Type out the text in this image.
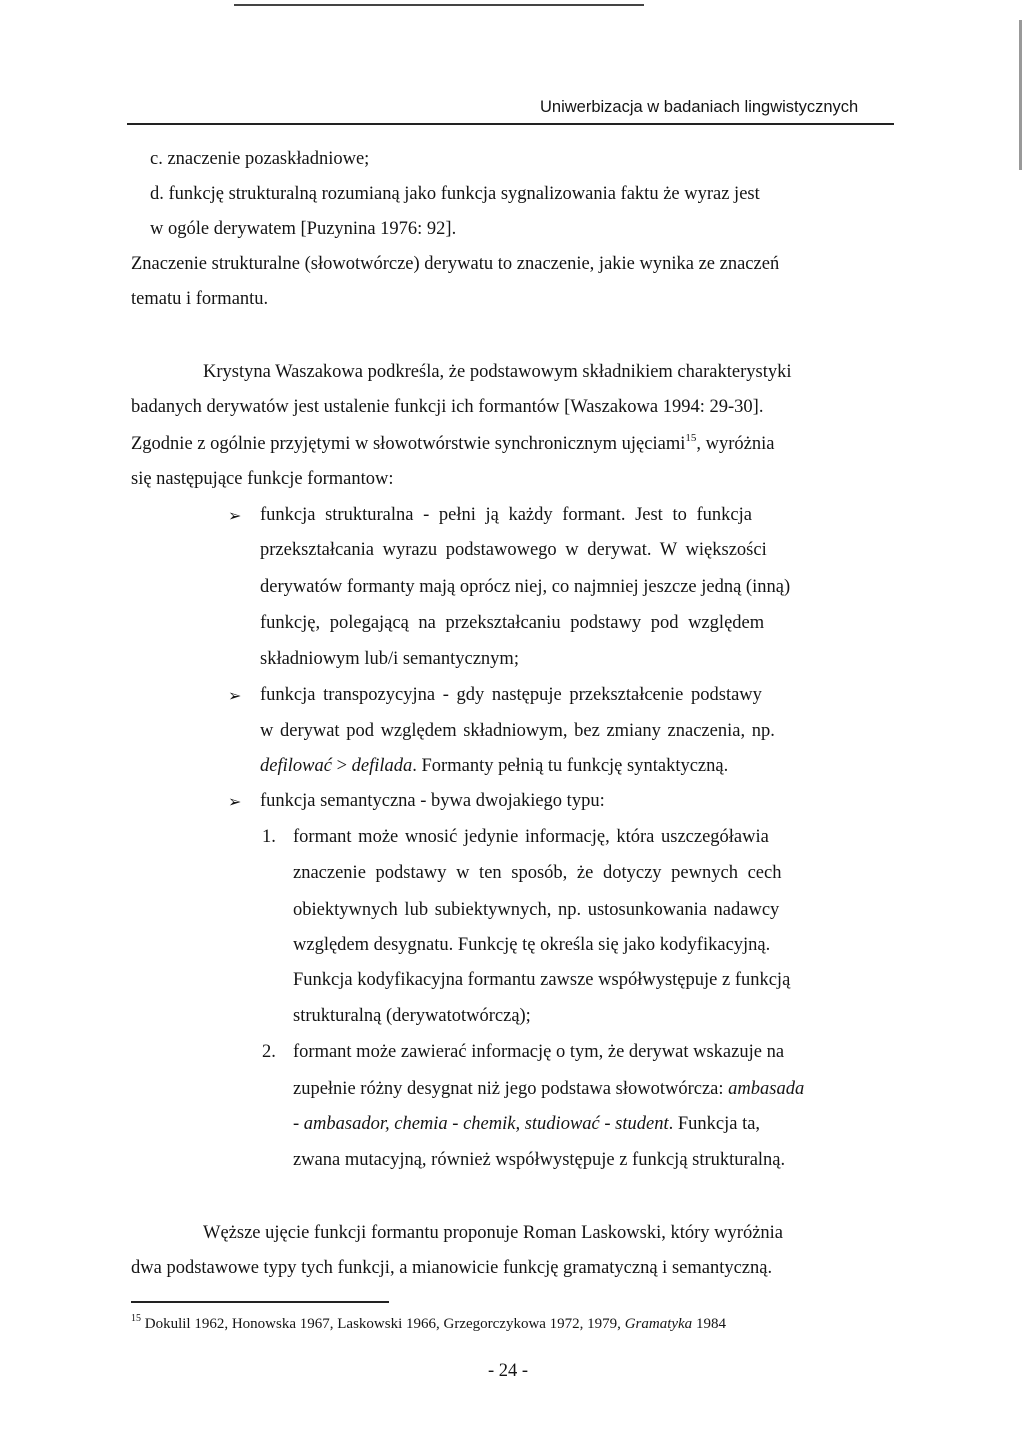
Uniwerbizacja w badaniach lingwistycznych
c. znaczenie pozaskładniowe;
d. funkcję strukturalną rozumianą jako funkcja sygnalizowania faktu że wyraz jest
w ogóle derywatem [Puzynina 1976: 92].
Znaczenie strukturalne (słowotwórcze) derywatu to znaczenie, jakie wynika ze znaczeń
tematu i formantu.
Krystyna Waszakowa podkreśla, że podstawowym składnikiem charakterystyki
badanych derywatów jest ustalenie funkcji ich formantów [Waszakowa 1994: 29-30].
Zgodnie z ogólnie przyjętymi w słowotwórstwie synchronicznym ujęciami$^{15}$, wyróżnia
się następujące funkcje formantow:
➢ funkcja strukturalna - pełni ją każdy formant. Jest to funkcja
przekształcania wyrazu podstawowego w derywat. W większości
derywatów formanty mają oprócz niej, co najmniej jeszcze jedną (inną)
funkcję, polegającą na przekształcaniu podstawy pod względem
składniowym lub/i semantycznym;
➢ funkcja transpozycyjna - gdy następuje przekształcenie podstawy
w derywat pod względem składniowym, bez zmiany znaczenia, np.
defilować > defilada. Formanty pełnią tu funkcję syntaktyczną.
➢ funkcja semantyczna - bywa dwojakiego typu:
1. formant może wnosić jedynie informację, która uszczegóławia
znaczenie podstawy w ten sposób, że dotyczy pewnych cech
obiektywnych lub subiektywnych, np. ustosunkowania nadawcy
względem desygnatu. Funkcję tę określa się jako kodyfikacyjną.
Funkcja kodyfikacyjna formantu zawsze współwystępuje z funkcją
strukturalną (derywatotwórczą);
2. formant może zawierać informację o tym, że derywat wskazuje na
zupełnie różny desygnat niż jego podstawa słowotwórcza: ambasada
- ambasador, chemia - chemik, studiować - student. Funkcja ta,
zwana mutacyjną, również współwystępuje z funkcją strukturalną.
Węższe ujęcie funkcji formantu proponuje Roman Laskowski, który wyróżnia
dwa podstawowe typy tych funkcji, a mianowicie funkcję gramatyczną i semantyczną.
$^{15}$ Dokulil 1962, Honowska 1967, Laskowski 1966, Grzegorczykowa 1972, 1979, Gramatyka 1984
- 24 -
